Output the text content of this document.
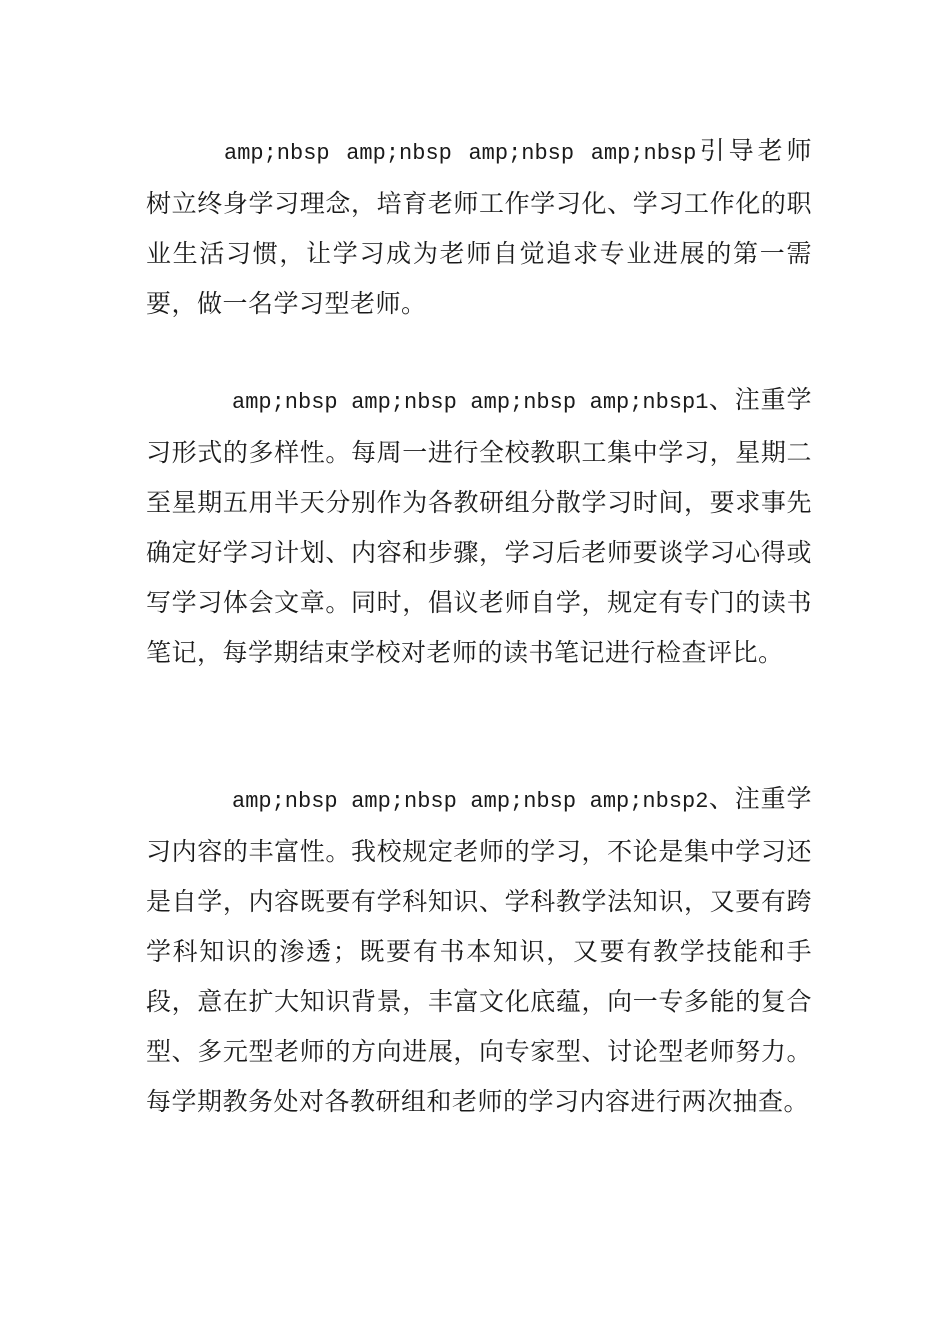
amp;nbsp amp;nbsp amp;nbsp amp;nbsp引导老师树立终身学习理念，培育老师工作学习化、学习工作化的职业生活习惯，让学习成为老师自觉追求专业进展的第一需要，做一名学习型老师。

amp;nbsp amp;nbsp amp;nbsp amp;nbsp1、注重学习形式的多样性。每周一进行全校教职工集中学习，星期二至星期五用半天分别作为各教研组分散学习时间，要求事先确定好学习计划、内容和步骤，学习后老师要谈学习心得或写学习体会文章。同时，倡议老师自学，规定有专门的读书笔记，每学期结束学校对老师的读书笔记进行检查评比。

amp;nbsp amp;nbsp amp;nbsp amp;nbsp2、注重学习内容的丰富性。我校规定老师的学习，不论是集中学习还是自学，内容既要有学科知识、学科教学法知识，又要有跨学科知识的渗透；既要有书本知识，又要有教学技能和手段，意在扩大知识背景，丰富文化底蕴，向一专多能的复合型、多元型老师的方向进展，向专家型、讨论型老师努力。每学期教务处对各教研组和老师的学习内容进行两次抽查。
